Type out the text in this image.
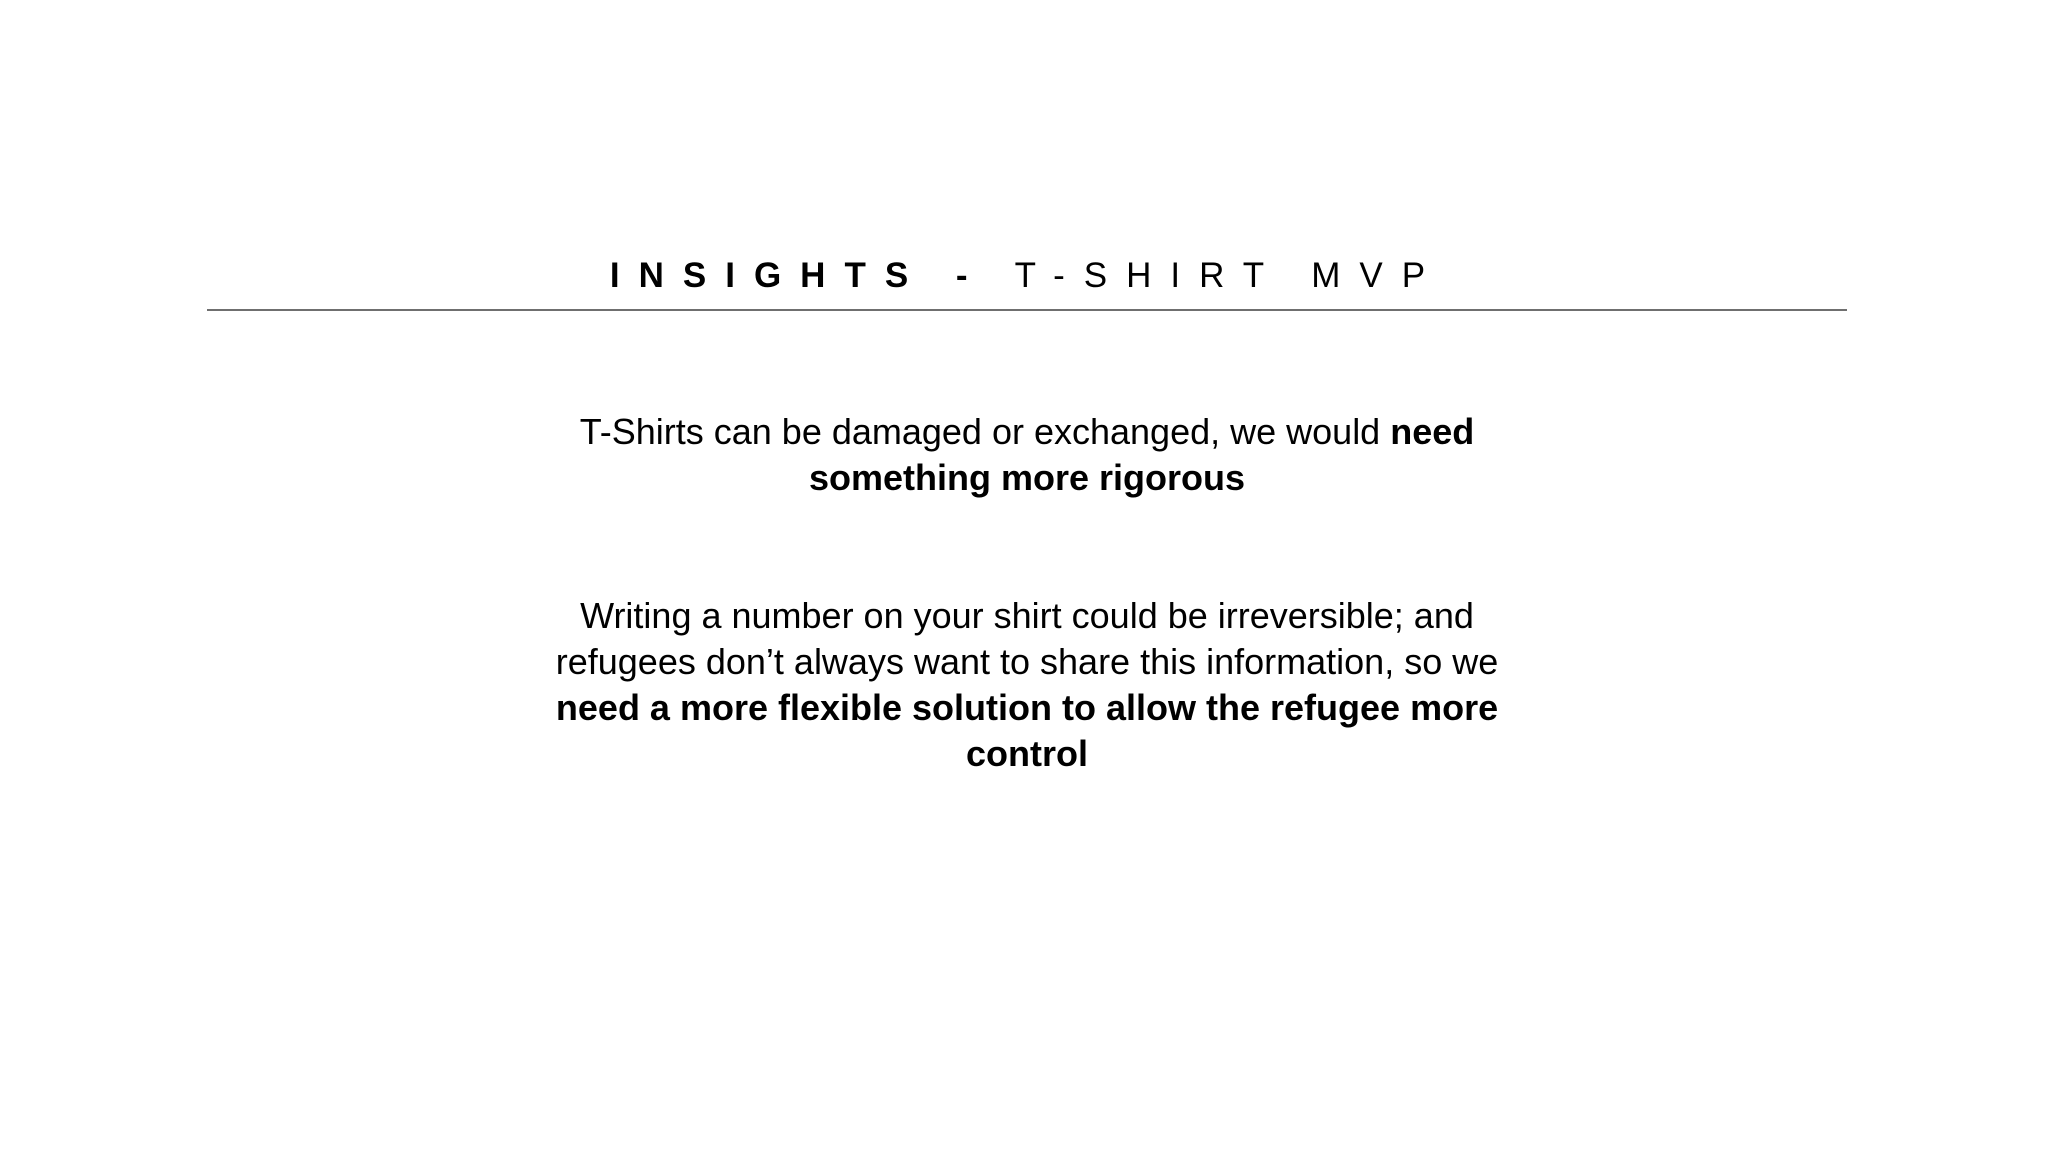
INSIGHTS - T-SHIRT MVP
T-Shirts can be damaged or exchanged, we would need something more rigorous
Writing a number on your shirt could be irreversible; and refugees don’t always want to share this information, so we need a more flexible solution to allow the refugee more control
